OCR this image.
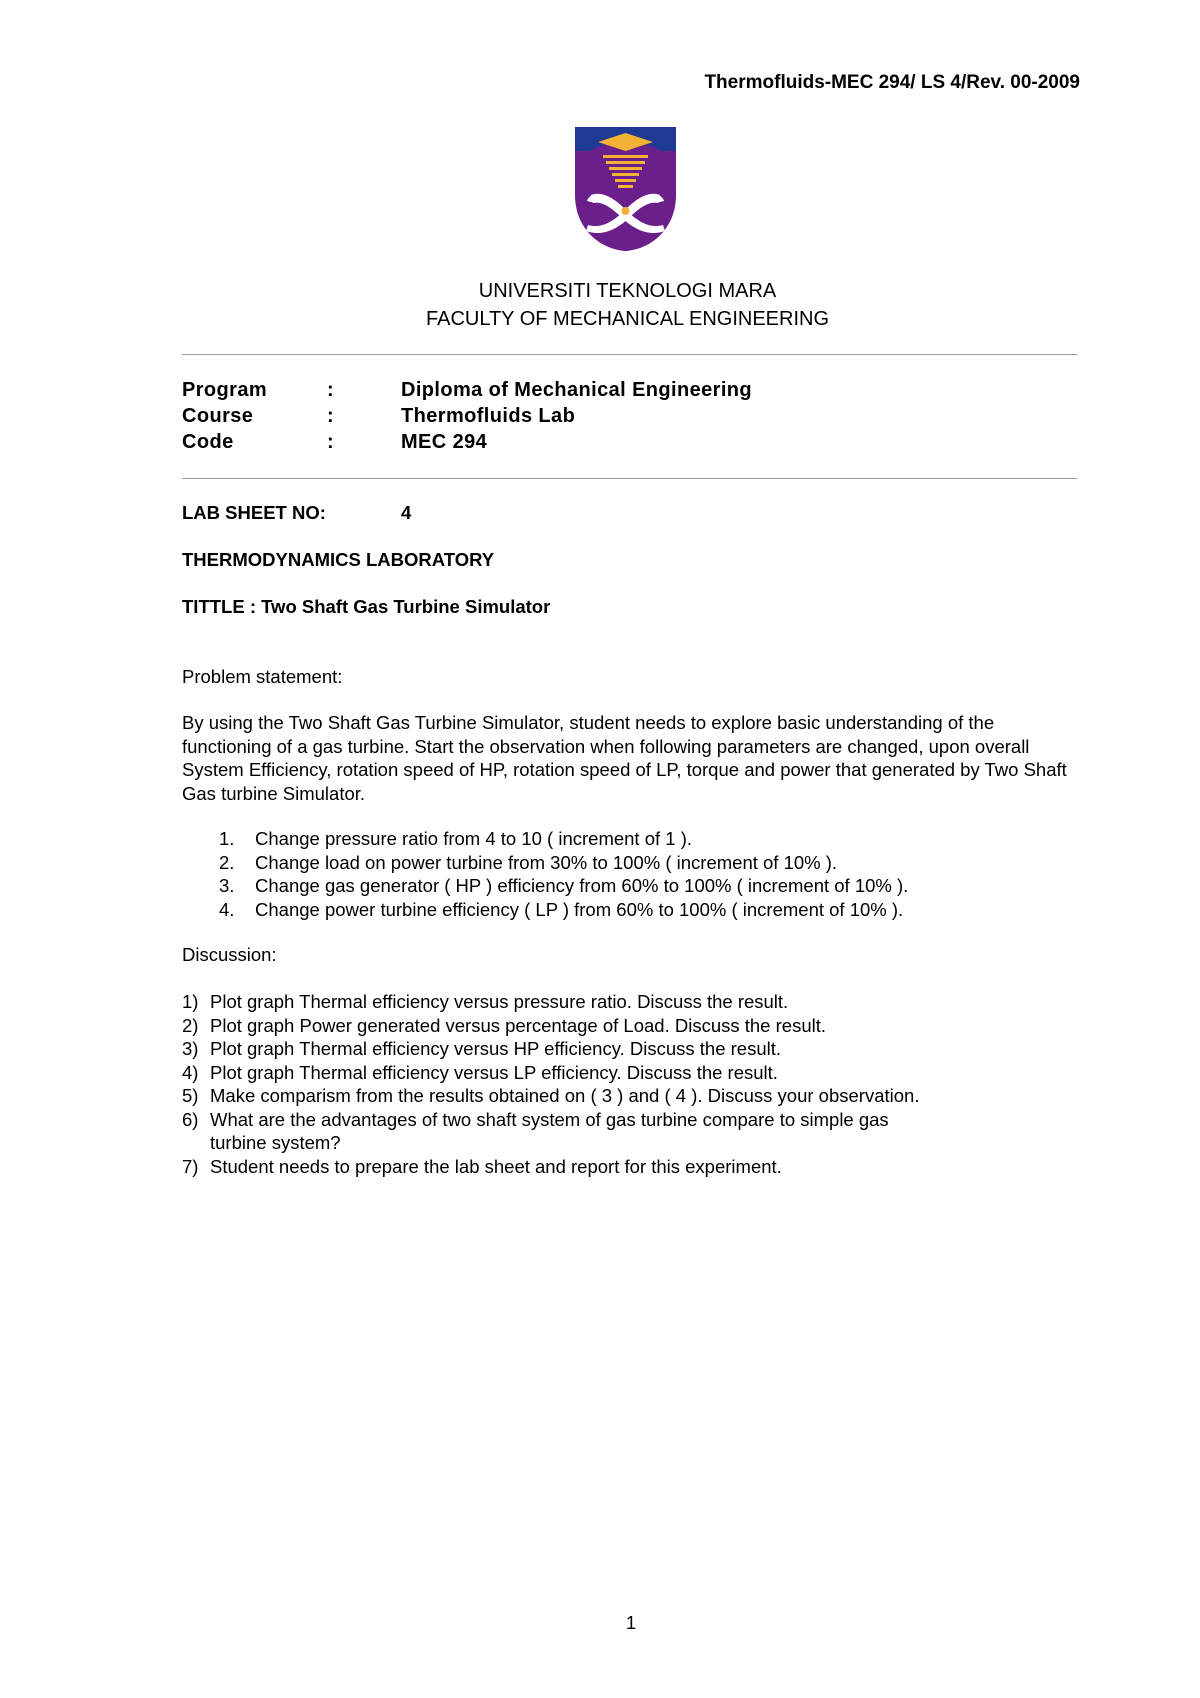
Thermofluids-MEC 294/ LS 4/Rev. 00-2009
UNIVERSITI TEKNOLOGI MARA
FACULTY OF MECHANICAL ENGINEERING
Program	:	Diploma of Mechanical Engineering
Course	:	Thermofluids Lab
Code	:	MEC 294
LAB SHEET NO:	4
THERMODYNAMICS LABORATORY
TITTLE : Two Shaft Gas Turbine Simulator
Problem statement:
By using the Two Shaft Gas Turbine Simulator, student needs to explore basic understanding of the functioning of a gas turbine. Start the observation when following parameters are changed, upon overall System Efficiency, rotation speed of HP, rotation speed of LP, torque and power that generated by Two Shaft Gas turbine Simulator.
1. Change pressure ratio from 4 to 10 ( increment of 1 ).
2. Change load on power turbine from 30% to 100% ( increment of 10% ).
3. Change gas generator ( HP ) efficiency from 60% to 100% ( increment of 10% ).
4. Change power turbine efficiency ( LP ) from 60% to 100% ( increment of 10% ).
Discussion:
1) Plot graph Thermal efficiency versus pressure ratio. Discuss the result.
2) Plot graph Power generated versus percentage of Load. Discuss the result.
3) Plot graph Thermal efficiency versus HP efficiency. Discuss the result.
4) Plot graph Thermal efficiency versus LP efficiency. Discuss the result.
5) Make comparism from the results obtained on ( 3 ) and ( 4 ). Discuss your observation.
6) What are the advantages of two shaft system of gas turbine compare to simple gas
turbine system?
7) Student needs to prepare the lab sheet and report for this experiment.
1
